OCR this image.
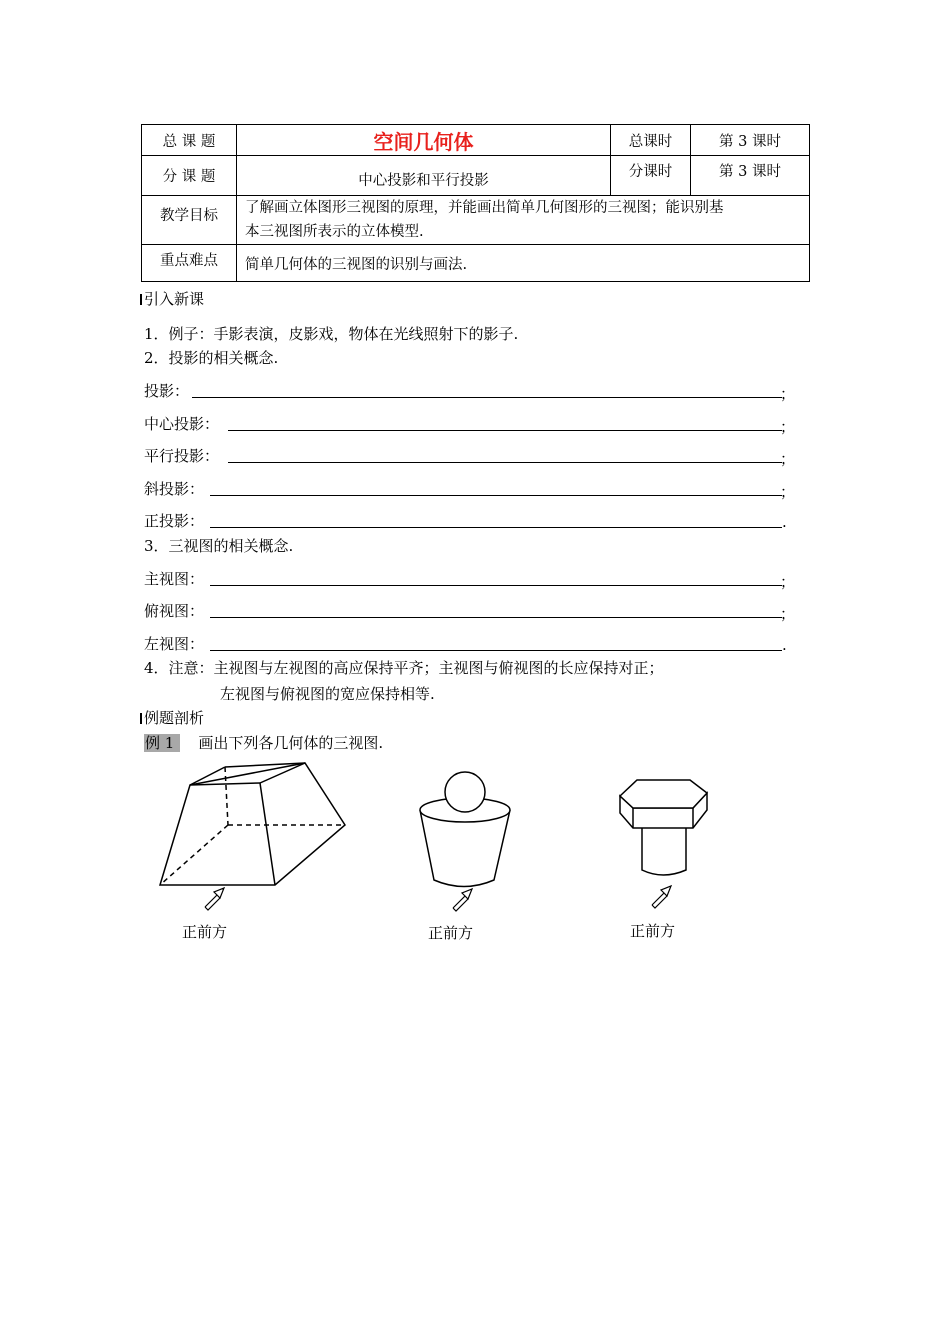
总 课 题	空间几何体	总课时	第 3 课时
分 课 题	中心投影和平行投影	分课时	第 3 课时
教学目标	了解画立体图形三视图的原理，并能画出简单几何图形的三视图；能识别基
本三视图所表示的立体模型.		

重点难点	简单几何体的三视图的识别与画法.		
引入新课
1．例子：手影表演，皮影戏，物体在光线照射下的影子.
2．投影的相关概念.
投影：	；
中心投影：	；
平行投影：	；
斜投影：	；
正投影：	.
3．三视图的相关概念.
主视图：	；
俯视图：	；
左视图：	.
4．注意：主视图与左视图的高应保持平齐；主视图与俯视图的长应保持对正；
左视图与俯视图的宽应保持相等.
例题剖析
例 1 画出下列各几何体的三视图.
正前方	正前方	正前方
